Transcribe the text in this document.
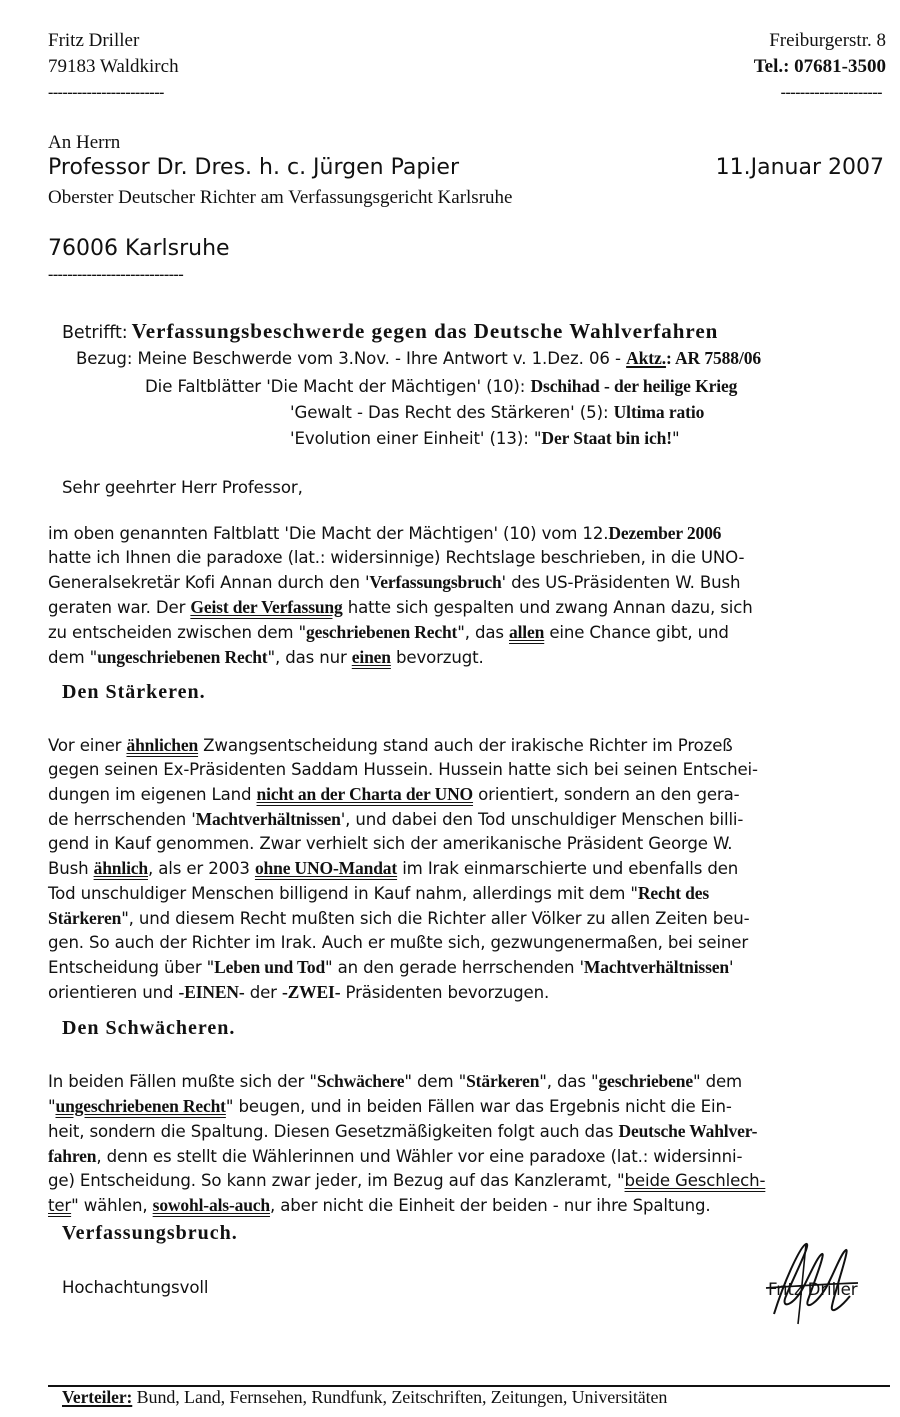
Fritz Driller
79183 Waldkirch
------------------------
Freiburgerstr. 8
Tel.: 07681-3500
---------------------
An Herrn
Professor Dr. Dres. h. c. Jürgen Papier	11.Januar 2007
Oberster Deutscher Richter am Verfassungsgericht Karlsruhe
76006 Karlsruhe
----------------------------
Betrifft: Verfassungsbeschwerde gegen das Deutsche Wahlverfahren
Bezug: Meine Beschwerde vom 3.Nov. - Ihre Antwort v. 1.Dez. 06 - Aktz.: AR 7588/06
Die Faltblätter 'Die Macht der Mächtigen' (10): Dschihad - der heilige Krieg
'Gewalt - Das Recht des Stärkeren' (5): Ultima ratio
'Evolution einer Einheit' (13): "Der Staat bin ich!"
Sehr geehrter Herr Professor,
im oben genannten Faltblatt 'Die Macht der Mächtigen' (10) vom 12.Dezember 2006
hatte ich Ihnen die paradoxe (lat.: widersinnige) Rechtslage beschrieben, in die UNO-
Generalsekretär Kofi Annan durch den 'Verfassungsbruch' des US-Präsidenten W. Bush
geraten war. Der Geist der Verfassung hatte sich gespalten und zwang Annan dazu, sich
zu entscheiden zwischen dem "geschriebenen Recht", das allen eine Chance gibt, und
dem "ungeschriebenen Recht", das nur einen bevorzugt.
Den Stärkeren.
Vor einer ähnlichen Zwangsentscheidung stand auch der irakische Richter im Prozeß
gegen seinen Ex-Präsidenten Saddam Hussein. Hussein hatte sich bei seinen Entschei-
dungen im eigenen Land nicht an der Charta der UNO orientiert, sondern an den gera-
de herrschenden 'Machtverhältnissen', und dabei den Tod unschuldiger Menschen billi-
gend in Kauf genommen. Zwar verhielt sich der amerikanische Präsident George W.
Bush ähnlich, als er 2003 ohne UNO-Mandat im Irak einmarschierte und ebenfalls den
Tod unschuldiger Menschen billigend in Kauf nahm, allerdings mit dem "Recht des
Stärkeren", und diesem Recht mußten sich die Richter aller Völker zu allen Zeiten beu-
gen. So auch der Richter im Irak. Auch er mußte sich, gezwungenermaßen, bei seiner
Entscheidung über "Leben und Tod" an den gerade herrschenden 'Machtverhältnissen'
orientieren und -EINEN- der -ZWEI- Präsidenten bevorzugen.
Den Schwächeren.
In beiden Fällen mußte sich der "Schwächere" dem "Stärkeren", das "geschriebene" dem
"ungeschriebenen Recht" beugen, und in beiden Fällen war das Ergebnis nicht die Ein-
heit, sondern die Spaltung. Diesen Gesetzmäßigkeiten folgt auch das Deutsche Wahlver-
fahren, denn es stellt die Wählerinnen und Wähler vor eine paradoxe (lat.: widersinni-
ge) Entscheidung. So kann zwar jeder, im Bezug auf das Kanzleramt, "beide Geschlech-
ter" wählen, sowohl-als-auch, aber nicht die Einheit der beiden - nur ihre Spaltung.
Verfassungsbruch.
Hochachtungsvoll	Fritz Driller
Verteiler: Bund, Land, Fernsehen, Rundfunk, Zeitschriften, Zeitungen, Universitäten
